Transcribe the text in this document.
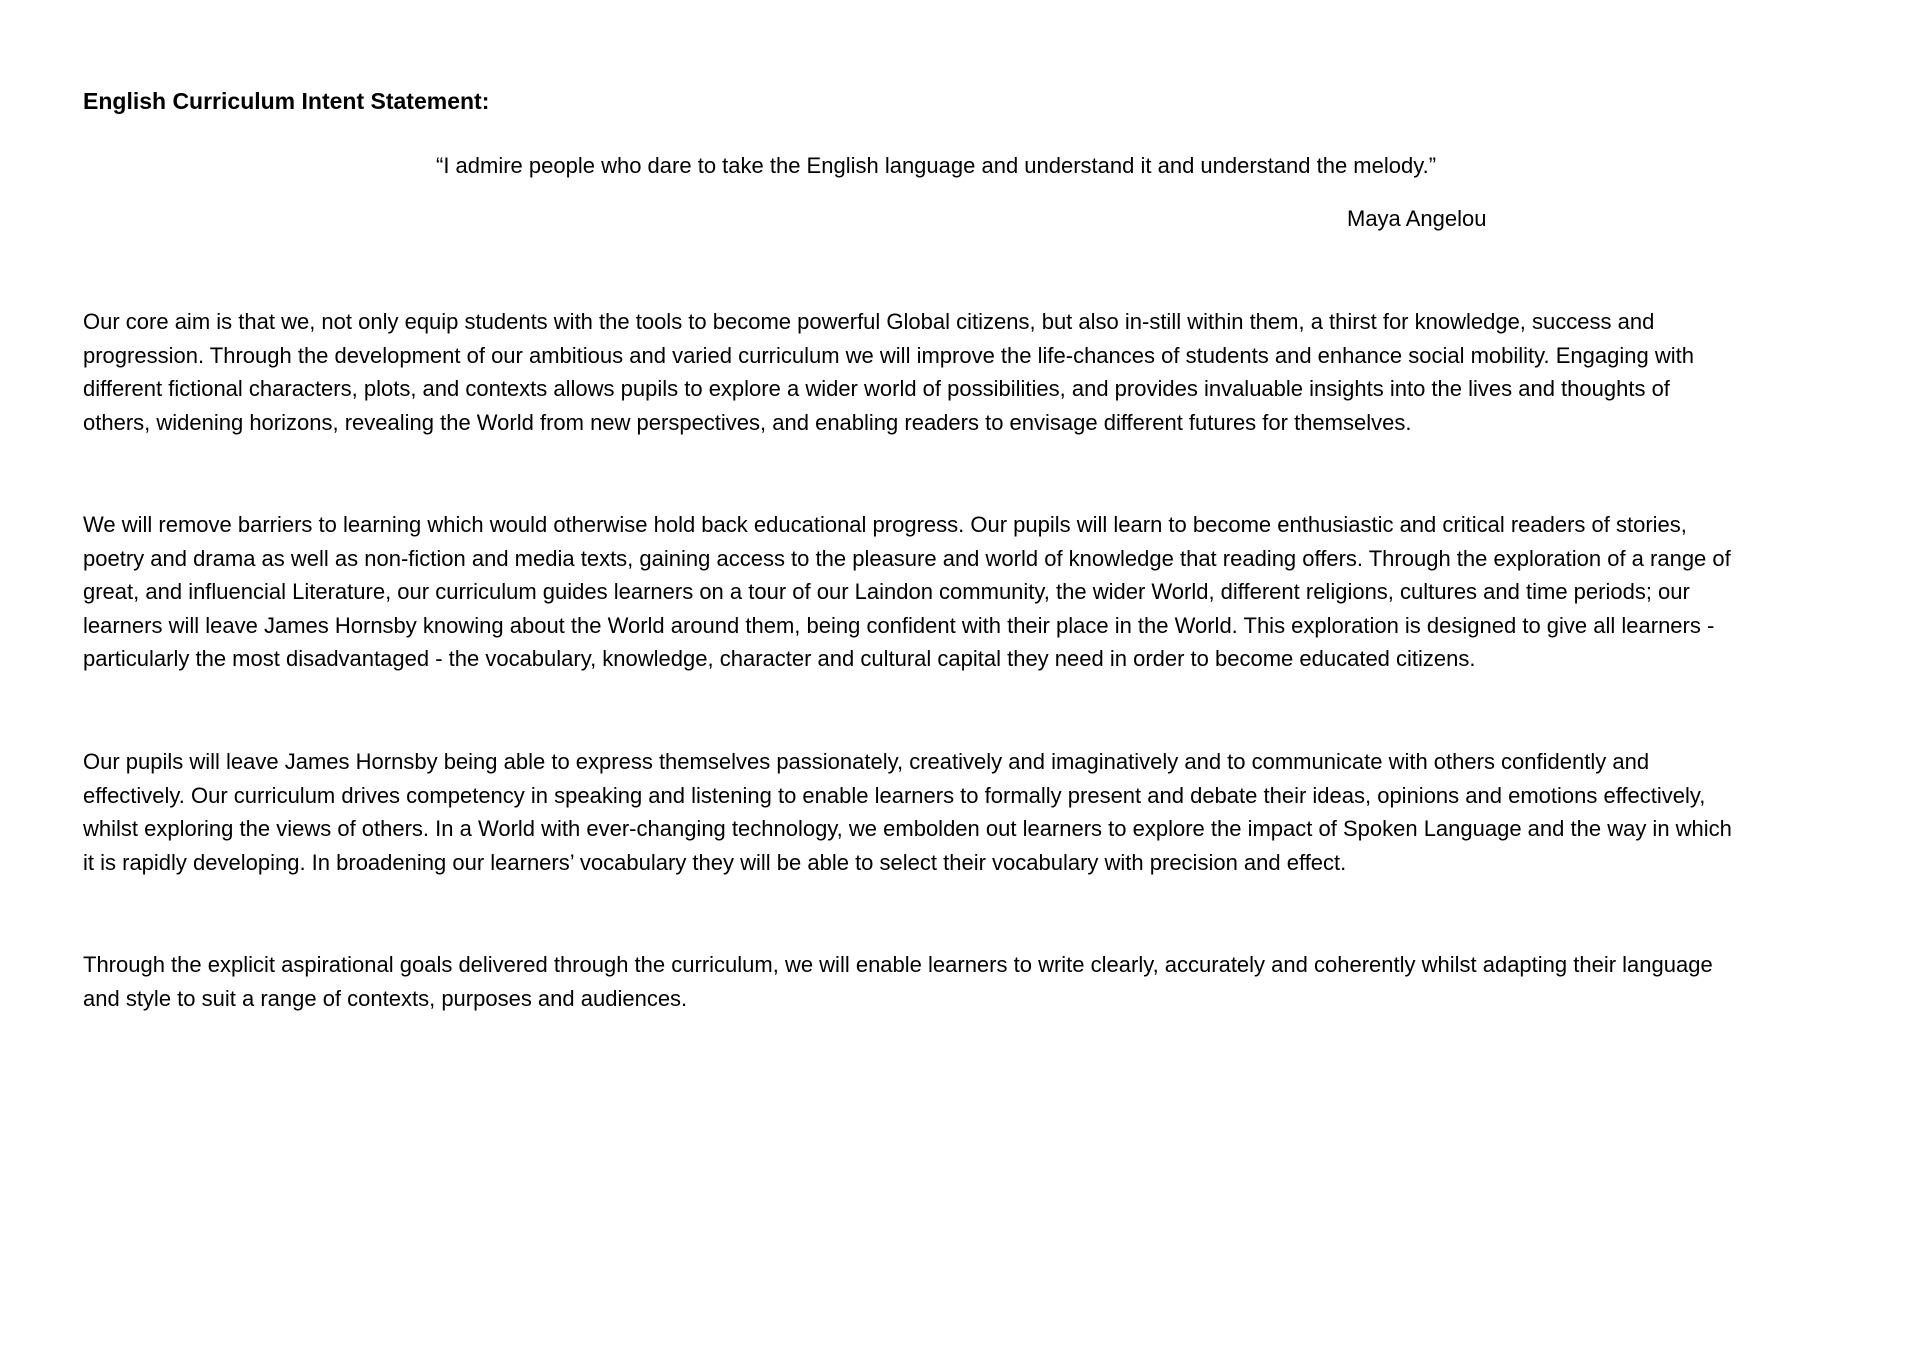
English Curriculum Intent Statement:

“I admire people who dare to take the English language and understand it and understand the melody.”

Maya Angelou

Our core aim is that we, not only equip students with the tools to become powerful Global citizens, but also in-still within them, a thirst for knowledge, success and
progression. Through the development of our ambitious and varied curriculum we will improve the life-chances of students and enhance social mobility. Engaging with
different fictional characters, plots, and contexts allows pupils to explore a wider world of possibilities, and provides invaluable insights into the lives and thoughts of
others, widening horizons, revealing the World from new perspectives, and enabling readers to envisage different futures for themselves.

We will remove barriers to learning which would otherwise hold back educational progress. Our pupils will learn to become enthusiastic and critical readers of stories,
poetry and drama as well as non-fiction and media texts, gaining access to the pleasure and world of knowledge that reading offers. Through the exploration of a range of
great, and influencial Literature, our curriculum guides learners on a tour of our Laindon community, the wider World, different religions, cultures and time periods; our
learners will leave James Hornsby knowing about the World around them, being confident with their place in the World. This exploration is designed to give all learners -
particularly the most disadvantaged - the vocabulary, knowledge, character and cultural capital they need in order to become educated citizens.

Our pupils will leave James Hornsby being able to express themselves passionately, creatively and imaginatively and to communicate with others confidently and
effectively. Our curriculum drives competency in speaking and listening to enable learners to formally present and debate their ideas, opinions and emotions effectively,
whilst exploring the views of others. In a World with ever-changing technology, we embolden out learners to explore the impact of Spoken Language and the way in which
it is rapidly developing. In broadening our learners’ vocabulary they will be able to select their vocabulary with precision and effect.

Through the explicit aspirational goals delivered through the curriculum, we will enable learners to write clearly, accurately and coherently whilst adapting their language
and style to suit a range of contexts, purposes and audiences.
